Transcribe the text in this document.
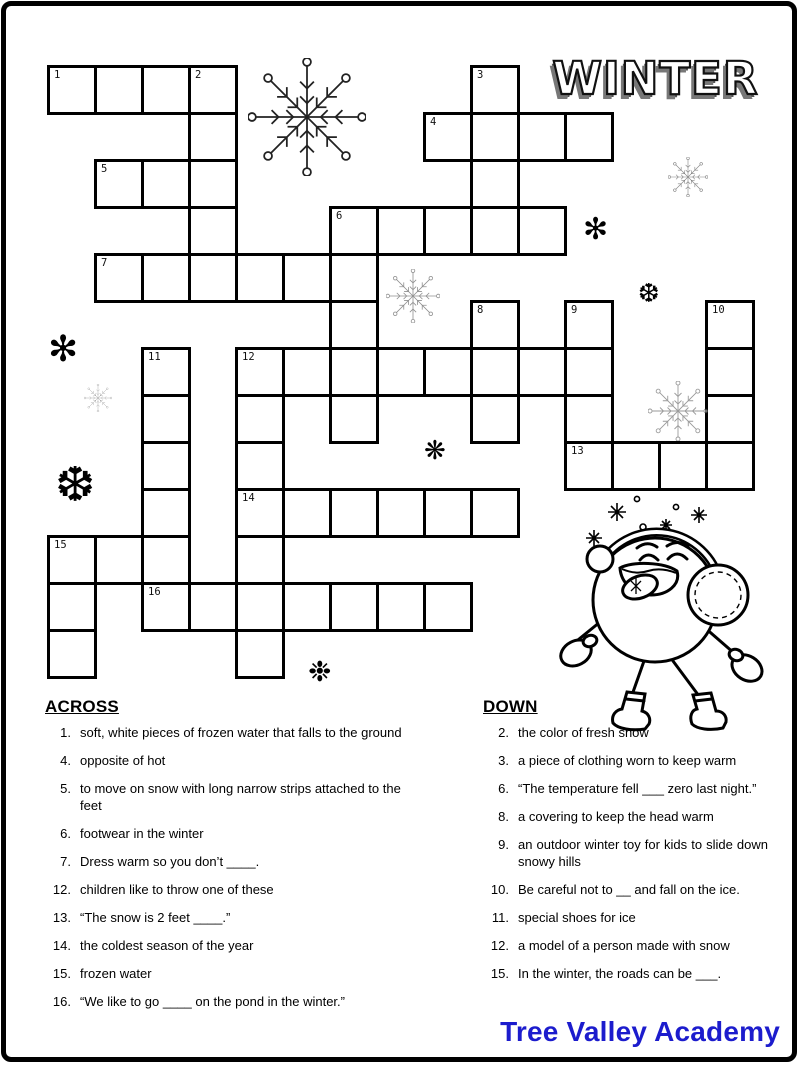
WINTER
1	2	3
4
5
6
7
8	9
13
10
11
16
12
14
15
✻
❆
✻
❋
❆
❉
ACROSS
1. soft, white pieces of frozen water that falls to the ground
4. opposite of hot
5. to move on snow with long narrow strips attached to the feet
6. footwear in the winter
7. Dress warm so you don’t ____.
12. children like to throw one of these
13. “The snow is 2 feet ____.”
14. the coldest season of the year
15. frozen water
16. “We like to go ____ on the pond in the winter.”
DOWN
2. the color of fresh snow
3. a piece of clothing worn to keep warm
6. “The temperature fell ___ zero last night.”
8. a covering to keep the head warm
9. an outdoor winter toy for kids to slide down snowy hills
10. Be careful not to __ and fall on the ice.
11. special shoes for ice
12. a model of a person made with snow
15. In the winter, the roads can be ___.
Tree Valley Academy
